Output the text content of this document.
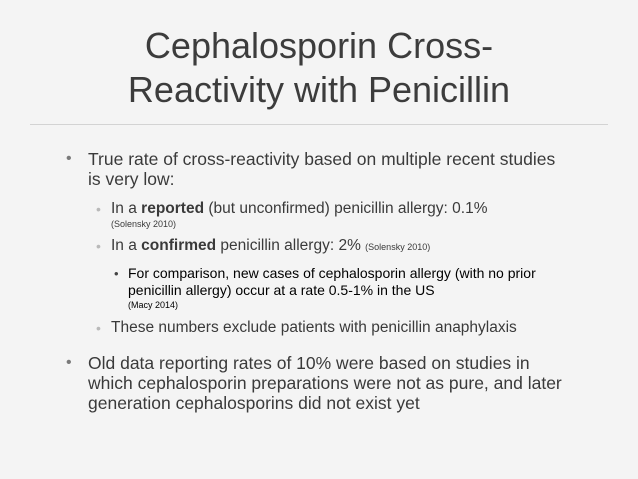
Cephalosporin Cross-
Reactivity with Penicillin
• True rate of cross-reactivity based on multiple recent studies is very low:
• In a reported (but unconfirmed) penicillin allergy: 0.1%
(Solensky 2010)
• In a confirmed penicillin allergy: 2% (Solensky 2010)
• For comparison, new cases of cephalosporin allergy (with no prior penicillin allergy) occur at a rate 0.5-1% in the US
(Macy 2014)
• These numbers exclude patients with penicillin anaphylaxis
• Old data reporting rates of 10% were based on studies in which cephalosporin preparations were not as pure, and later generation cephalosporins did not exist yet
